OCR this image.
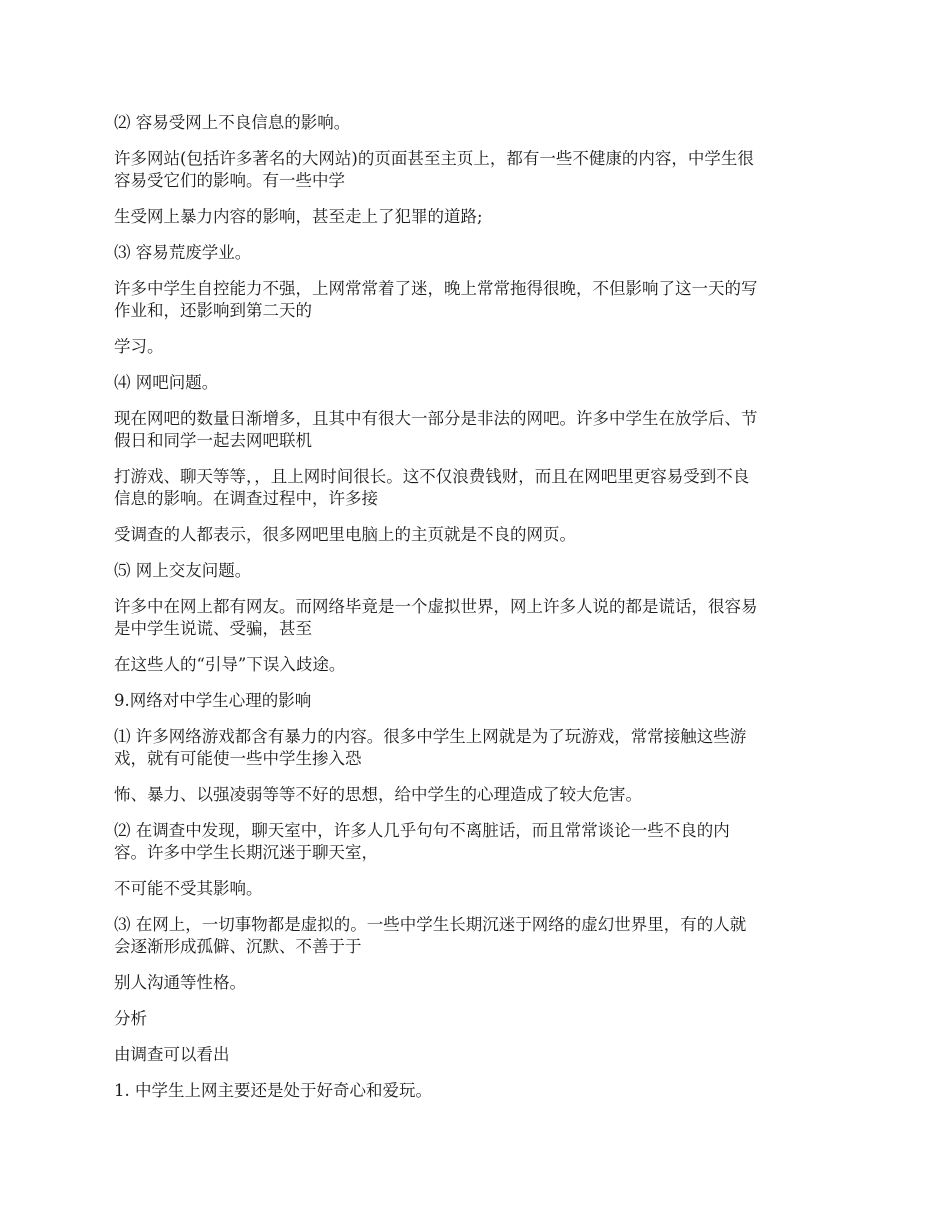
⑵ 容易受网上不良信息的影响。
许多网站(包括许多著名的大网站)的页面甚至主页上，都有一些不健康的内容，中学生很
容易受它们的影响。有一些中学
生受网上暴力内容的影响，甚至走上了犯罪的道路;
⑶ 容易荒废学业。
许多中学生自控能力不强，上网常常着了迷，晚上常常拖得很晚，不但影响了这一天的写
作业和，还影响到第二天的
学习。
⑷ 网吧问题。
现在网吧的数量日渐增多，且其中有很大一部分是非法的网吧。许多中学生在放学后、节
假日和同学一起去网吧联机
打游戏、聊天等等，，且上网时间很长。这不仅浪费钱财，而且在网吧里更容易受到不良
信息的影响。在调查过程中，许多接
受调查的人都表示，很多网吧里电脑上的主页就是不良的网页。
⑸ 网上交友问题。
许多中在网上都有网友。而网络毕竟是一个虚拟世界，网上许多人说的都是谎话，很容易
是中学生说谎、受骗，甚至
在这些人的“引导”下误入歧途。
9.网络对中学生心理的影响
⑴ 许多网络游戏都含有暴力的内容。很多中学生上网就是为了玩游戏，常常接触这些游
戏，就有可能使一些中学生掺入恐
怖、暴力、以强凌弱等等不好的思想，给中学生的心理造成了较大危害。
⑵ 在调查中发现，聊天室中，许多人几乎句句不离脏话，而且常常谈论一些不良的内
容。许多中学生长期沉迷于聊天室，
不可能不受其影响。
⑶ 在网上，一切事物都是虚拟的。一些中学生长期沉迷于网络的虚幻世界里，有的人就
会逐渐形成孤僻、沉默、不善于于
别人沟通等性格。
分析
由调查可以看出
1. 中学生上网主要还是处于好奇心和爱玩。
